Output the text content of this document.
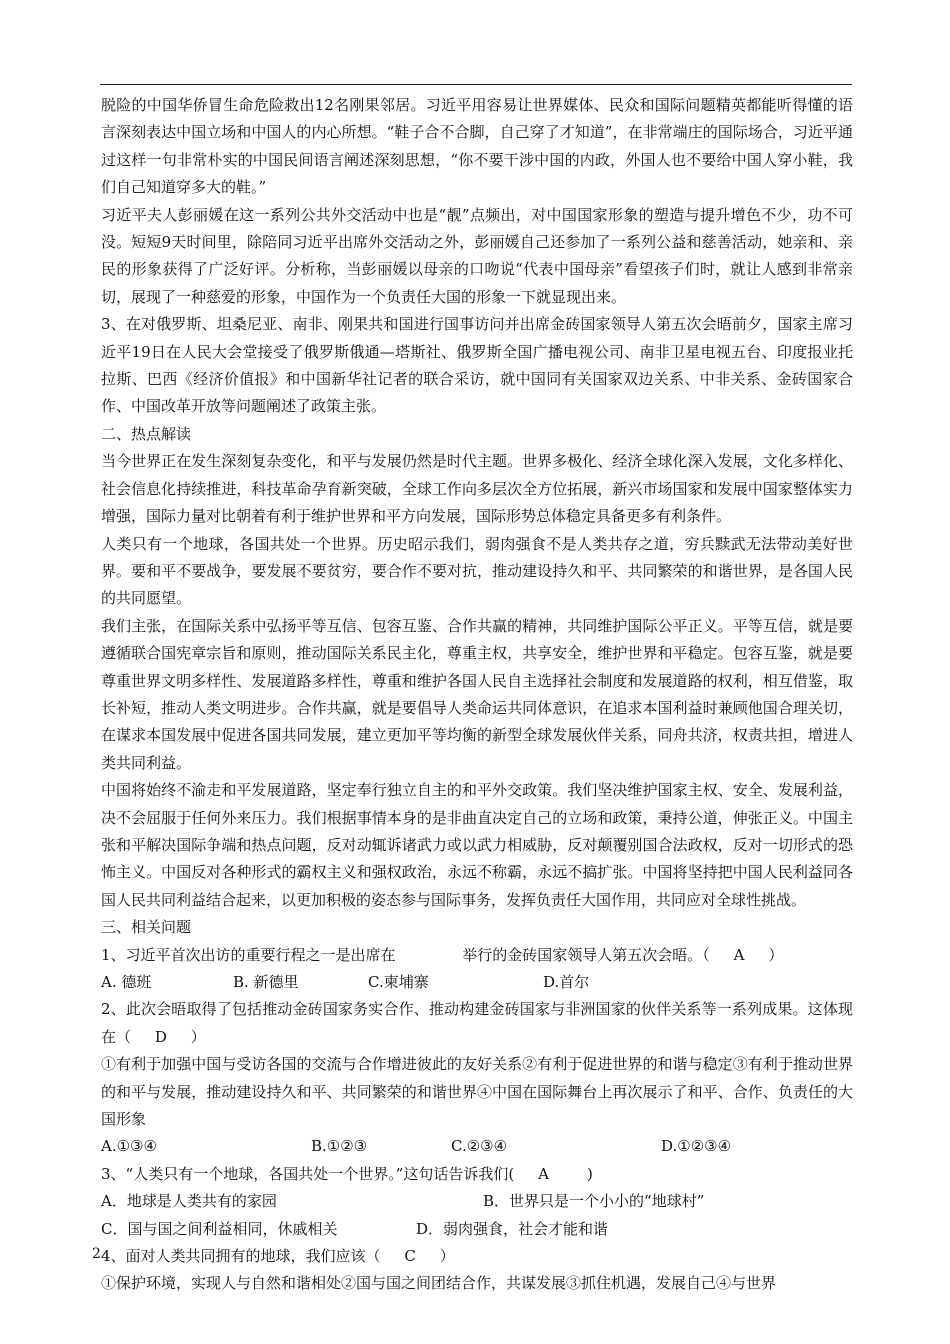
脱险的中国华侨冒生命危险救出12名刚果邻居。习近平用容易让世界媒体、民众和国际问题精英都能听得懂的语言深刻表达中国立场和中国人的内心所想。“鞋子合不合脚，自己穿了才知道”，在非常端庄的国际场合，习近平通过这样一句非常朴实的中国民间语言阐述深刻思想，“你不要干涉中国的内政，外国人也不要给中国人穿小鞋，我们自己知道穿多大的鞋。”

习近平夫人彭丽媛在这一系列公共外交活动中也是“靓”点频出，对中国国家形象的塑造与提升增色不少，功不可没。短短9天时间里，除陪同习近平出席外交活动之外，彭丽媛自己还参加了一系列公益和慈善活动，她亲和、亲民的形象获得了广泛好评。分析称，当彭丽媛以母亲的口吻说“代表中国母亲”看望孩子们时，就让人感到非常亲切，展现了一种慈爱的形象，中国作为一个负责任大国的形象一下就显现出来。

3、在对俄罗斯、坦桑尼亚、南非、刚果共和国进行国事访问并出席金砖国家领导人第五次会晤前夕，国家主席习近平19日在人民大会堂接受了俄罗斯俄通—塔斯社、俄罗斯全国广播电视公司、南非卫星电视五台、印度报业托拉斯、巴西《经济价值报》和中国新华社记者的联合采访，就中国同有关国家双边关系、中非关系、金砖国家合作、中国改革开放等问题阐述了政策主张。

二、热点解读

当今世界正在发生深刻复杂变化，和平与发展仍然是时代主题。世界多极化、经济全球化深入发展，文化多样化、社会信息化持续推进，科技革命孕育新突破，全球工作向多层次全方位拓展，新兴市场国家和发展中国家整体实力增强，国际力量对比朝着有利于维护世界和平方向发展，国际形势总体稳定具备更多有利条件。

人类只有一个地球，各国共处一个世界。历史昭示我们，弱肉强食不是人类共存之道，穷兵黩武无法带动美好世界。要和平不要战争，要发展不要贫穷，要合作不要对抗，推动建设持久和平、共同繁荣的和谐世界，是各国人民的共同愿望。

我们主张，在国际关系中弘扬平等互信、包容互鉴、合作共赢的精神，共同维护国际公平正义。平等互信，就是要遵循联合国宪章宗旨和原则，推动国际关系民主化，尊重主权，共享安全，维护世界和平稳定。包容互鉴，就是要尊重世界文明多样性、发展道路多样性，尊重和维护各国人民自主选择社会制度和发展道路的权利，相互借鉴，取长补短，推动人类文明进步。合作共赢，就是要倡导人类命运共同体意识，在追求本国利益时兼顾他国合理关切，在谋求本国发展中促进各国共同发展，建立更加平等均衡的新型全球发展伙伴关系，同舟共济，权责共担，增进人类共同利益。

中国将始终不渝走和平发展道路，坚定奉行独立自主的和平外交政策。我们坚决维护国家主权、安全、发展利益，决不会屈服于任何外来压力。我们根据事情本身的是非曲直决定自己的立场和政策，秉持公道，伸张正义。中国主张和平解决国际争端和热点问题，反对动辄诉诸武力或以武力相威胁，反对颠覆别国合法政权，反对一切形式的恐怖主义。中国反对各种形式的霸权主义和强权政治，永远不称霸，永远不搞扩张。中国将坚持把中国人民利益同各国人民共同利益结合起来，以更加积极的姿态参与国际事务，发挥负责任大国作用，共同应对全球性挑战。

三、相关问题

1、习近平首次出访的重要行程之一是出席在              举行的金砖国家领导人第五次会晤。（     A     ）

A. 德班	B. 新德里	C.柬埔寨	D.首尔

2、此次会晤取得了包括推动金砖国家务实合作、推动构建金砖国家与非洲国家的伙伴关系等一系列成果。这体现在（     D     ）

①有利于加强中国与受访各国的交流与合作增进彼此的友好关系②有利于促进世界的和谐与稳定③有利于推动世界的和平与发展，推动建设持久和平、共同繁荣的和谐世界④中国在国际舞台上再次展示了和平、合作、负责任的大国形象

A.①③④	B.①②③	C.②③④	D.①②③④

3、“人类只有一个地球，各国共处一个世界。”这句话告诉我们(     A        )

A．地球是人类共有的家园	B．世界只是一个小小的“地球村”
C．国与国之间利益相同，休戚相关	D．弱肉强食，社会才能和谐

4、面对人类共同拥有的地球，我们应该（     C     ）

①保护环境，实现人与自然和谐相处②国与国之间团结合作，共谋发展③抓住机遇，发展自己④与世界

2
